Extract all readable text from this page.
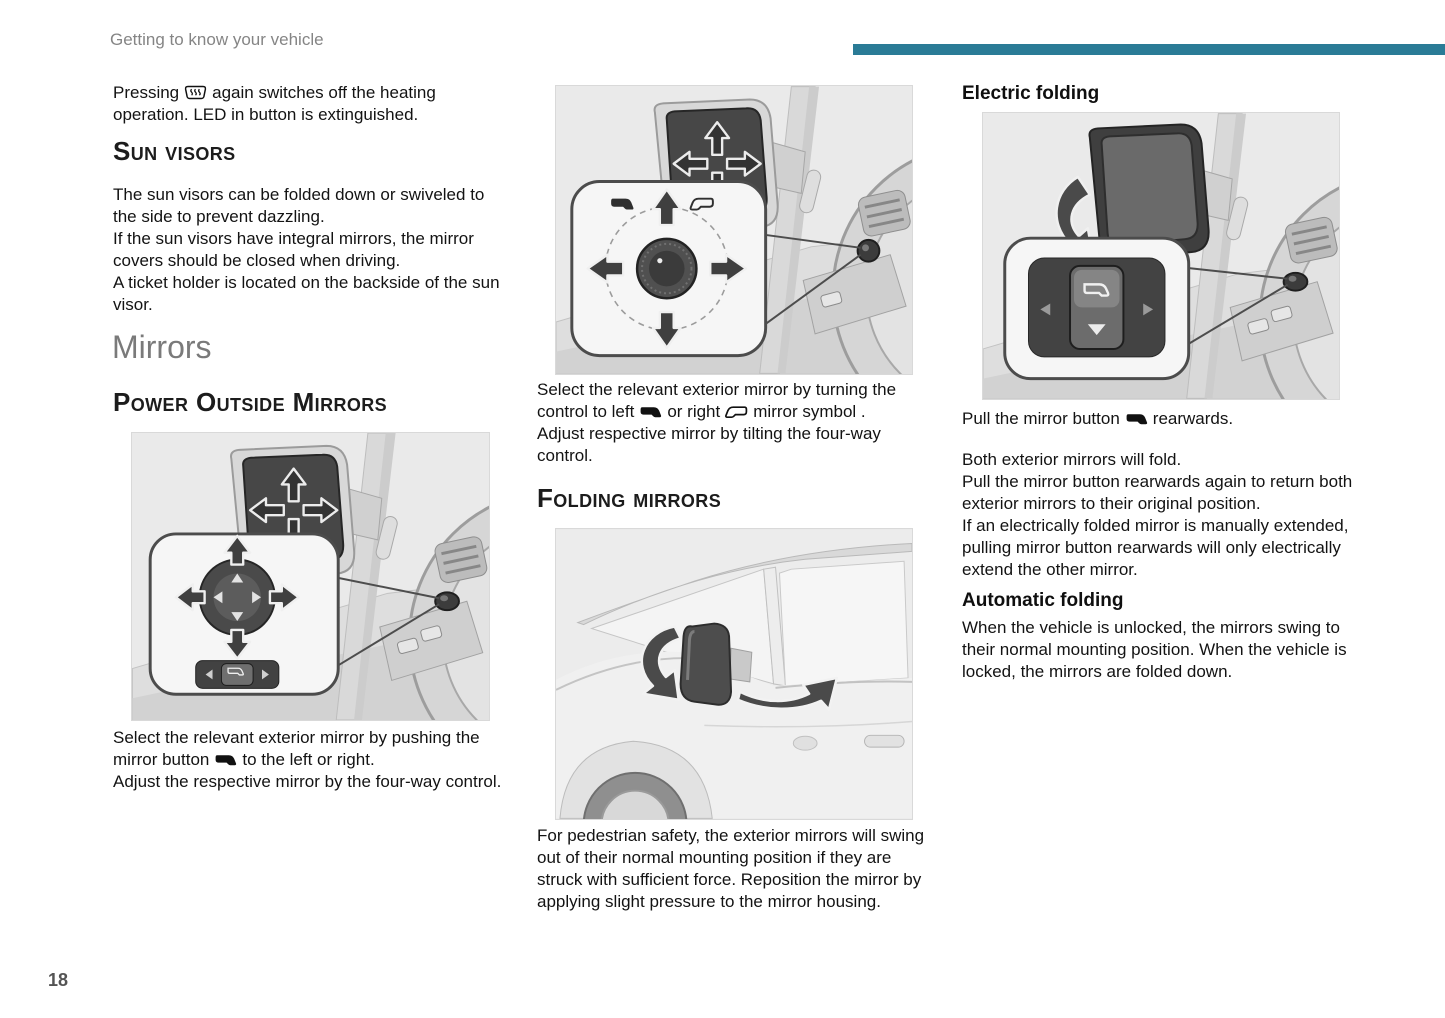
Getting to know your vehicle
Pressing again switches off the heating operation. LED in button is extinguished.
Sun visors
The sun visors can be folded down or swiveled to the side to prevent dazzling.
If the sun visors have integral mirrors, the mirror covers should be closed when driving.
A ticket holder is located on the backside of the sun visor.
Mirrors
Power Outside Mirrors
Select the relevant exterior mirror by pushing the mirror button to the left or right.
Adjust the respective mirror by the four-way control.
Select the relevant exterior mirror by turning the control to left or right mirror symbol .
Adjust respective mirror by tilting the four-way control.
Folding mirrors
For pedestrian safety, the exterior mirrors will swing out of their normal mounting position if they are struck with sufficient force. Reposition the mirror by applying slight pressure to the mirror housing.
Electric folding
Pull the mirror button rearwards.
Both exterior mirrors will fold.
Pull the mirror button rearwards again to return both exterior mirrors to their original position.
If an electrically folded mirror is manually extended, pulling mirror button rearwards will only electrically extend the other mirror.
Automatic folding
When the vehicle is unlocked, the mirrors swing to their normal mounting position. When the vehicle is locked, the mirrors are folded down.
18
